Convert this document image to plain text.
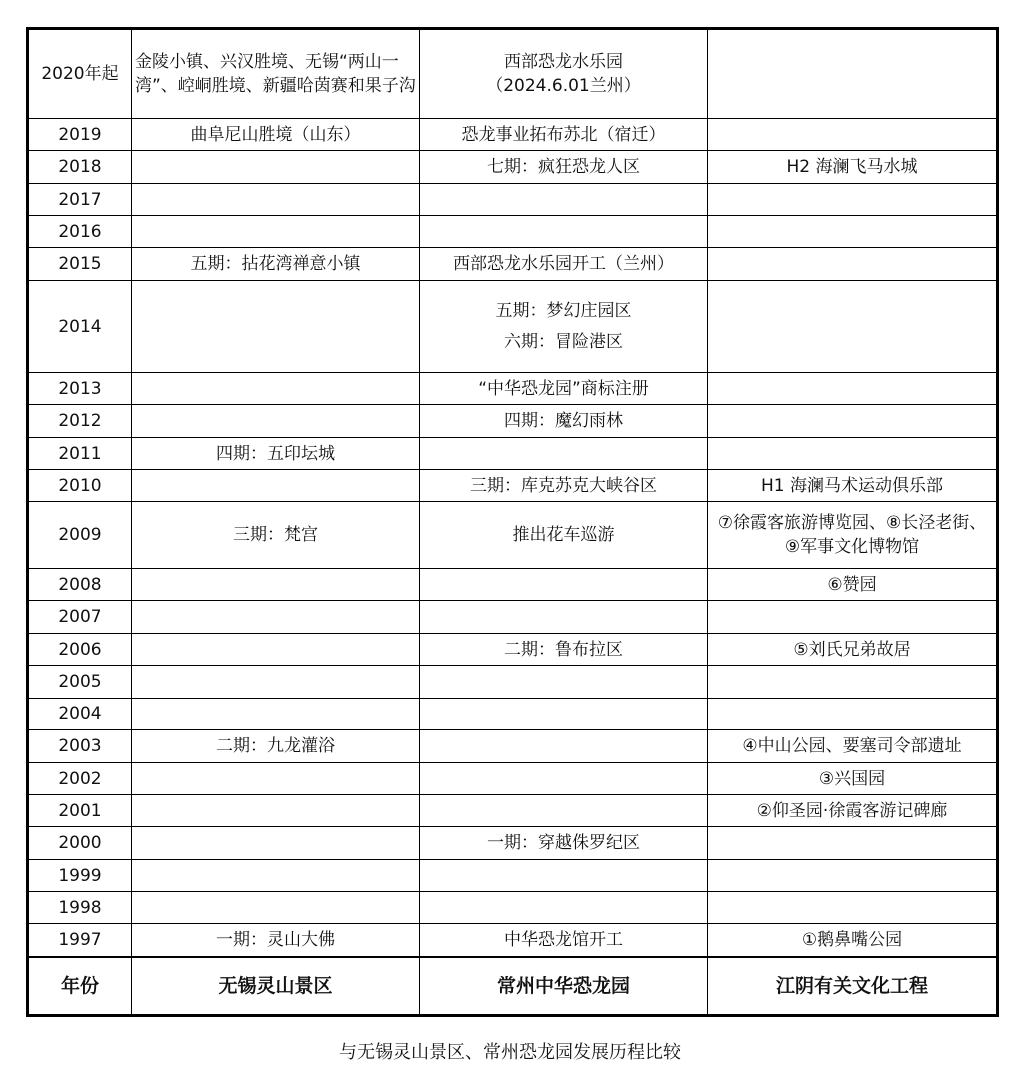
2020年起	金陵小镇、兴汉胜境、无锡“两山一湾”、崆峒胜境、新疆哈茵赛和果子沟	西部恐龙水乐园
（2024.6.01兰州）	

2019	曲阜尼山胜境（山东）	恐龙事业拓布苏北（宿迁）	

2018		七期：疯狂恐龙人区	H2 海澜飞马水城
2017			
2016			
2015	五期：拈花湾禅意小镇	西部恐龙水乐园开工（兰州）	

2014		五期：梦幻庄园区
六期：冒险港区	

2013		“中华恐龙园”商标注册	

2012		四期：魔幻雨林	

2011	四期：五印坛城		
2010		三期：库克苏克大峡谷区	H1 海澜马术运动俱乐部
2009	三期：梵宫	推出花车巡游	⑦徐霞客旅游博览园、⑧长泾老街、⑨军事文化博物馆
2008			⑥赞园
2007			
2006		二期：鲁布拉区	⑤刘氏兄弟故居
2005			
2004			
2003	二期：九龙灌浴		④中山公园、要塞司令部遗址
2002			③兴国园
2001			②仰圣园·徐霞客游记碑廊
2000		一期：穿越侏罗纪区	

1999			
1998			
1997	一期：灵山大佛	中华恐龙馆开工	①鹅鼻嘴公园
年份	无锡灵山景区	常州中华恐龙园	江阴有关文化工程
与无锡灵山景区、常州恐龙园发展历程比较
